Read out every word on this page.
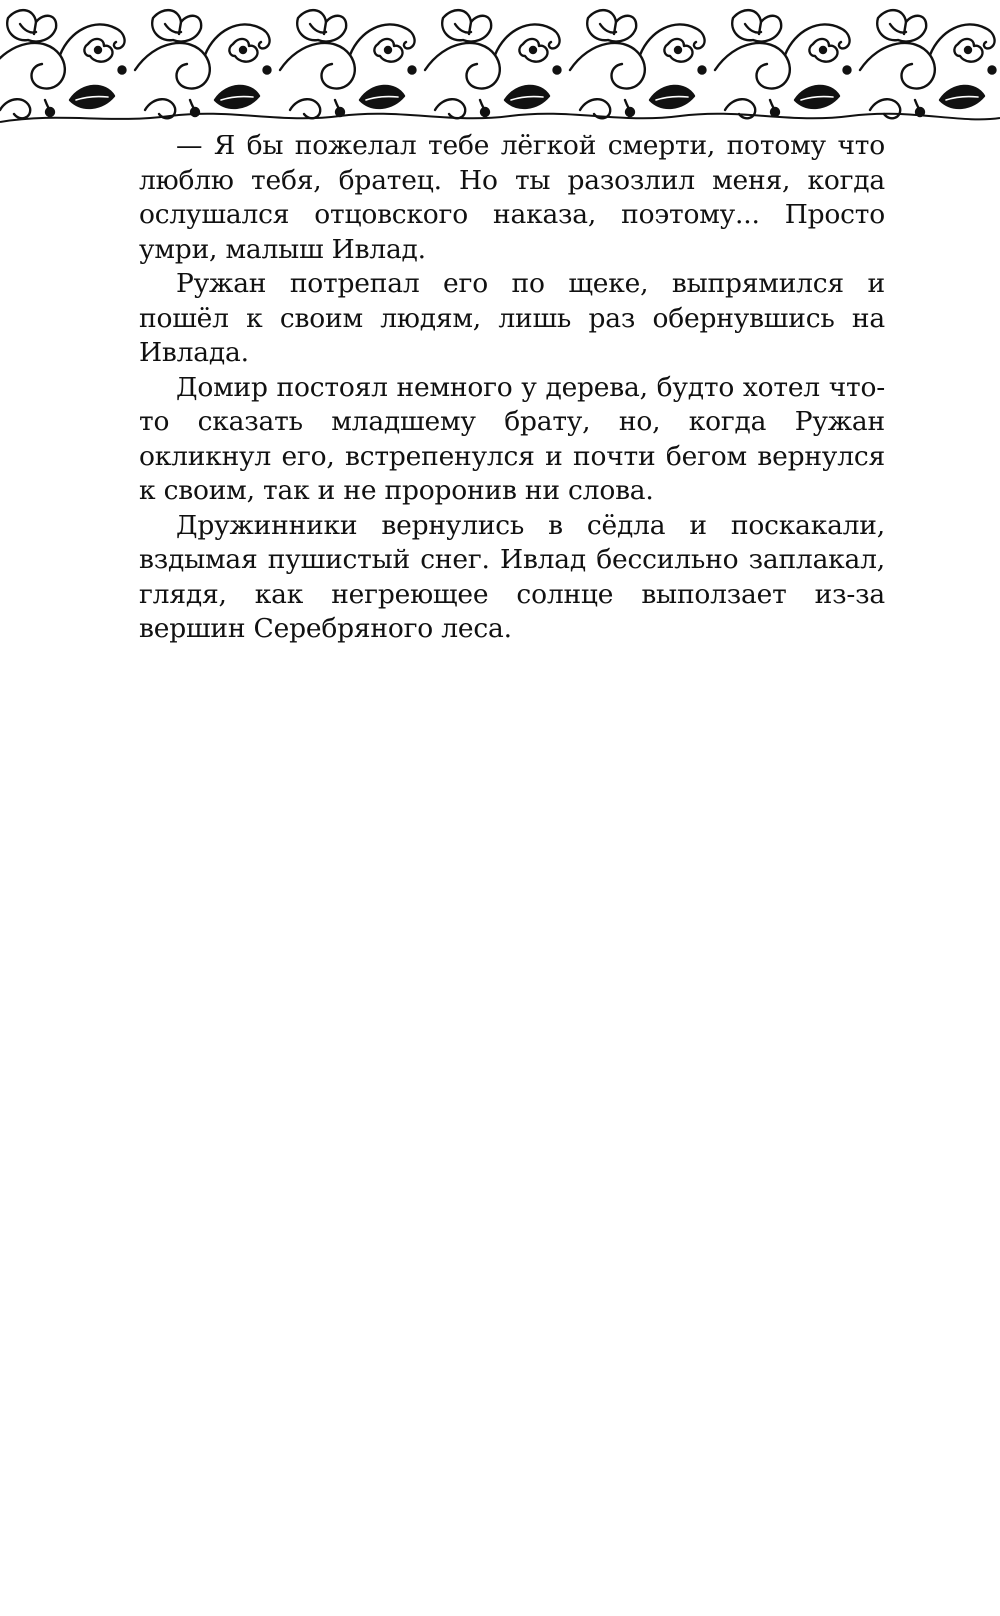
— Я бы пожелал тебе лёгкой смерти, потому что люблю тебя, братец. Но ты разозлил меня, когда ослушался отцовского наказа, поэтому... Просто умри, малыш Ивлад.

Ружан потрепал его по щеке, выпрямился и пошёл к своим людям, лишь раз обернувшись на Ивлада.

Домир постоял немного у дерева, будто хотел что-то сказать младшему брату, но, когда Ружан окликнул его, встрепенулся и почти бегом вернулся к своим, так и не проронив ни слова.

Дружинники вернулись в сёдла и поскакали, вздымая пушистый снег. Ивлад бессильно заплакал, глядя, как негреющее солнце выползает из-за вершин Серебряного леса.
